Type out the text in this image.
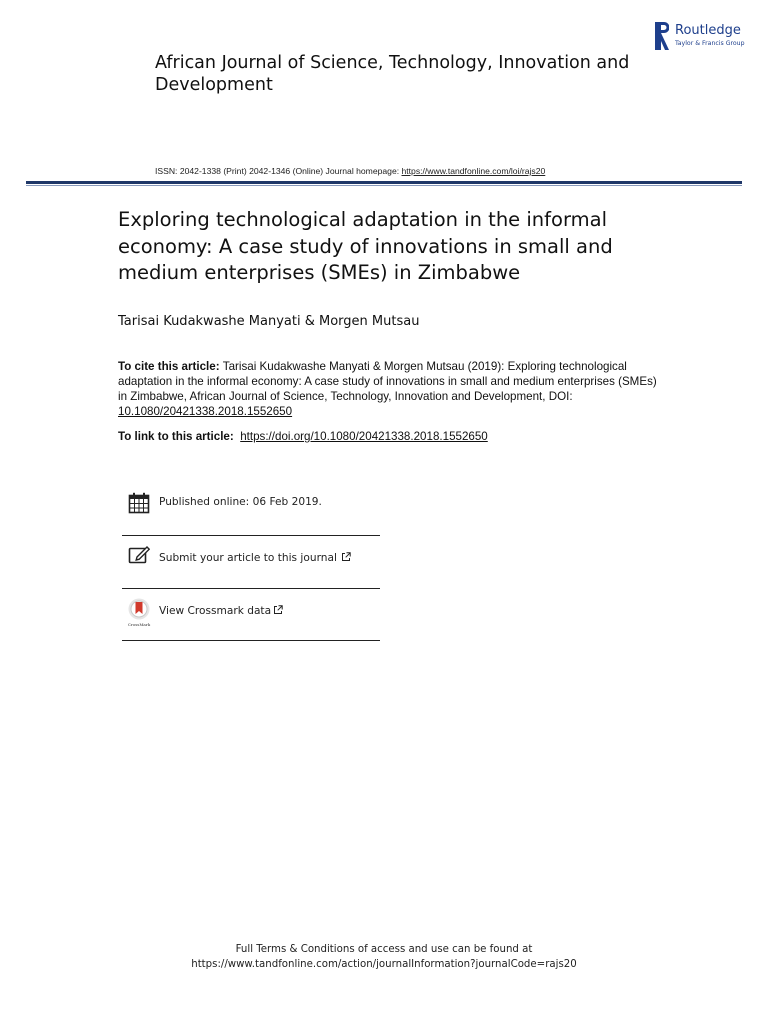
African Journal of Science, Technology, Innovation and Development
Routledge
Taylor & Francis Group
ISSN: 2042-1338 (Print) 2042-1346 (Online) Journal homepage: https://www.tandfonline.com/loi/rajs20
Exploring technological adaptation in the informal economy: A case study of innovations in small and medium enterprises (SMEs) in Zimbabwe
Tarisai Kudakwashe Manyati & Morgen Mutsau
To cite this article: Tarisai Kudakwashe Manyati & Morgen Mutsau (2019): Exploring technological adaptation in the informal economy: A case study of innovations in small and medium enterprises (SMEs) in Zimbabwe, African Journal of Science, Technology, Innovation and Development, DOI: 10.1080/20421338.2018.1552650
To link to this article:  https://doi.org/10.1080/20421338.2018.1552650
Published online: 06 Feb 2019.
Submit your article to this journal
CrossMark
View Crossmark data
Full Terms & Conditions of access and use can be found at
https://www.tandfonline.com/action/journalInformation?journalCode=rajs20
